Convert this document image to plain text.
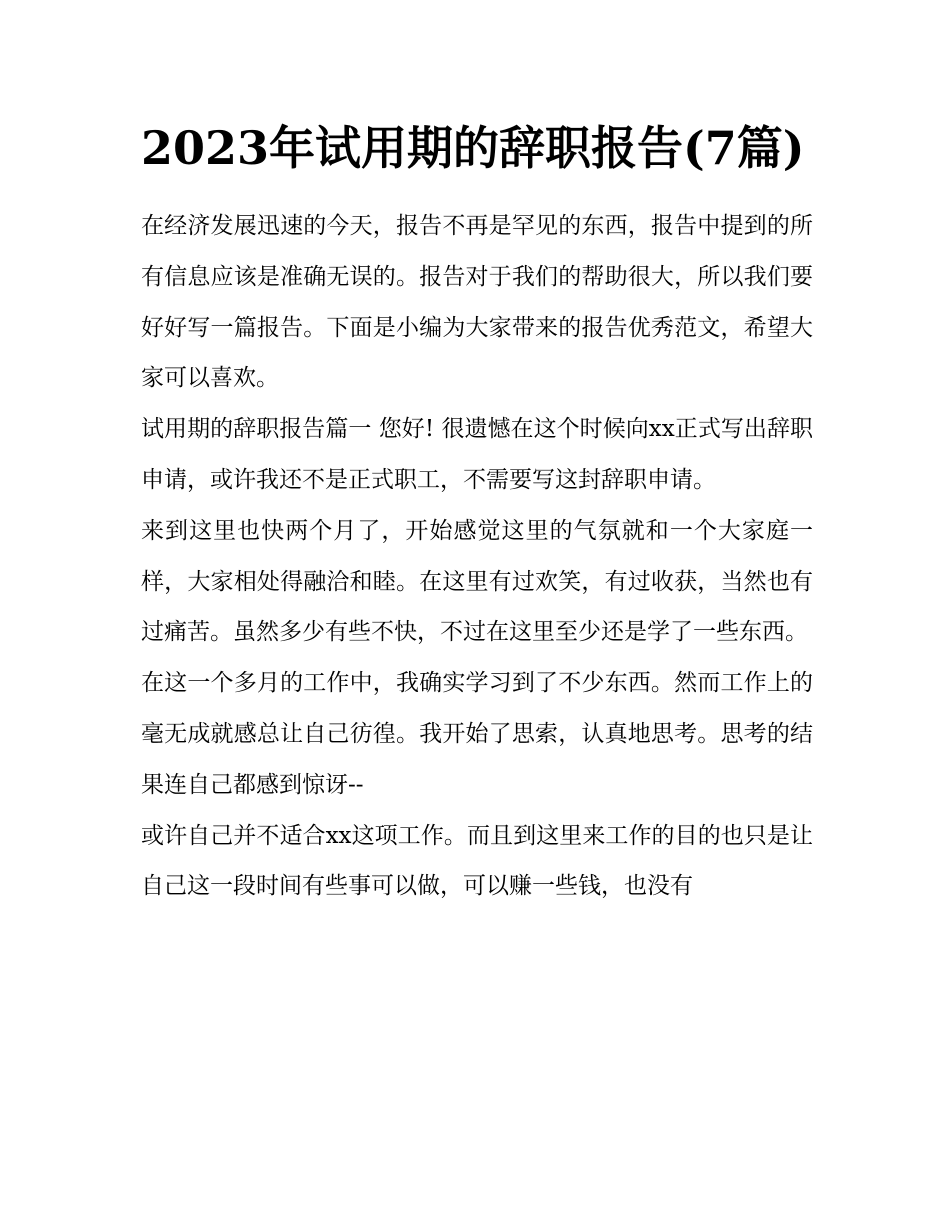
2023年试用期的辞职报告(7篇)

在经济发展迅速的今天，报告不再是罕见的东西，报告中提到的所有信息应该是准确无误的。报告对于我们的帮助很大，所以我们要好好写一篇报告。下面是小编为大家带来的报告优秀范文，希望大家可以喜欢。

试用期的辞职报告篇一 您好! 很遗憾在这个时候向xx正式写出辞职申请，或许我还不是正式职工，不需要写这封辞职申请。

来到这里也快两个月了，开始感觉这里的气氛就和一个大家庭一样，大家相处得融洽和睦。在这里有过欢笑，有过收获，当然也有过痛苦。虽然多少有些不快，不过在这里至少还是学了一些东西。

在这一个多月的工作中，我确实学习到了不少东西。然而工作上的毫无成就感总让自己彷徨。我开始了思索，认真地思考。思考的结果连自己都感到惊讶--

或许自己并不适合xx这项工作。而且到这里来工作的目的也只是让自己这一段时间有些事可以做，可以赚一些钱，也没有
